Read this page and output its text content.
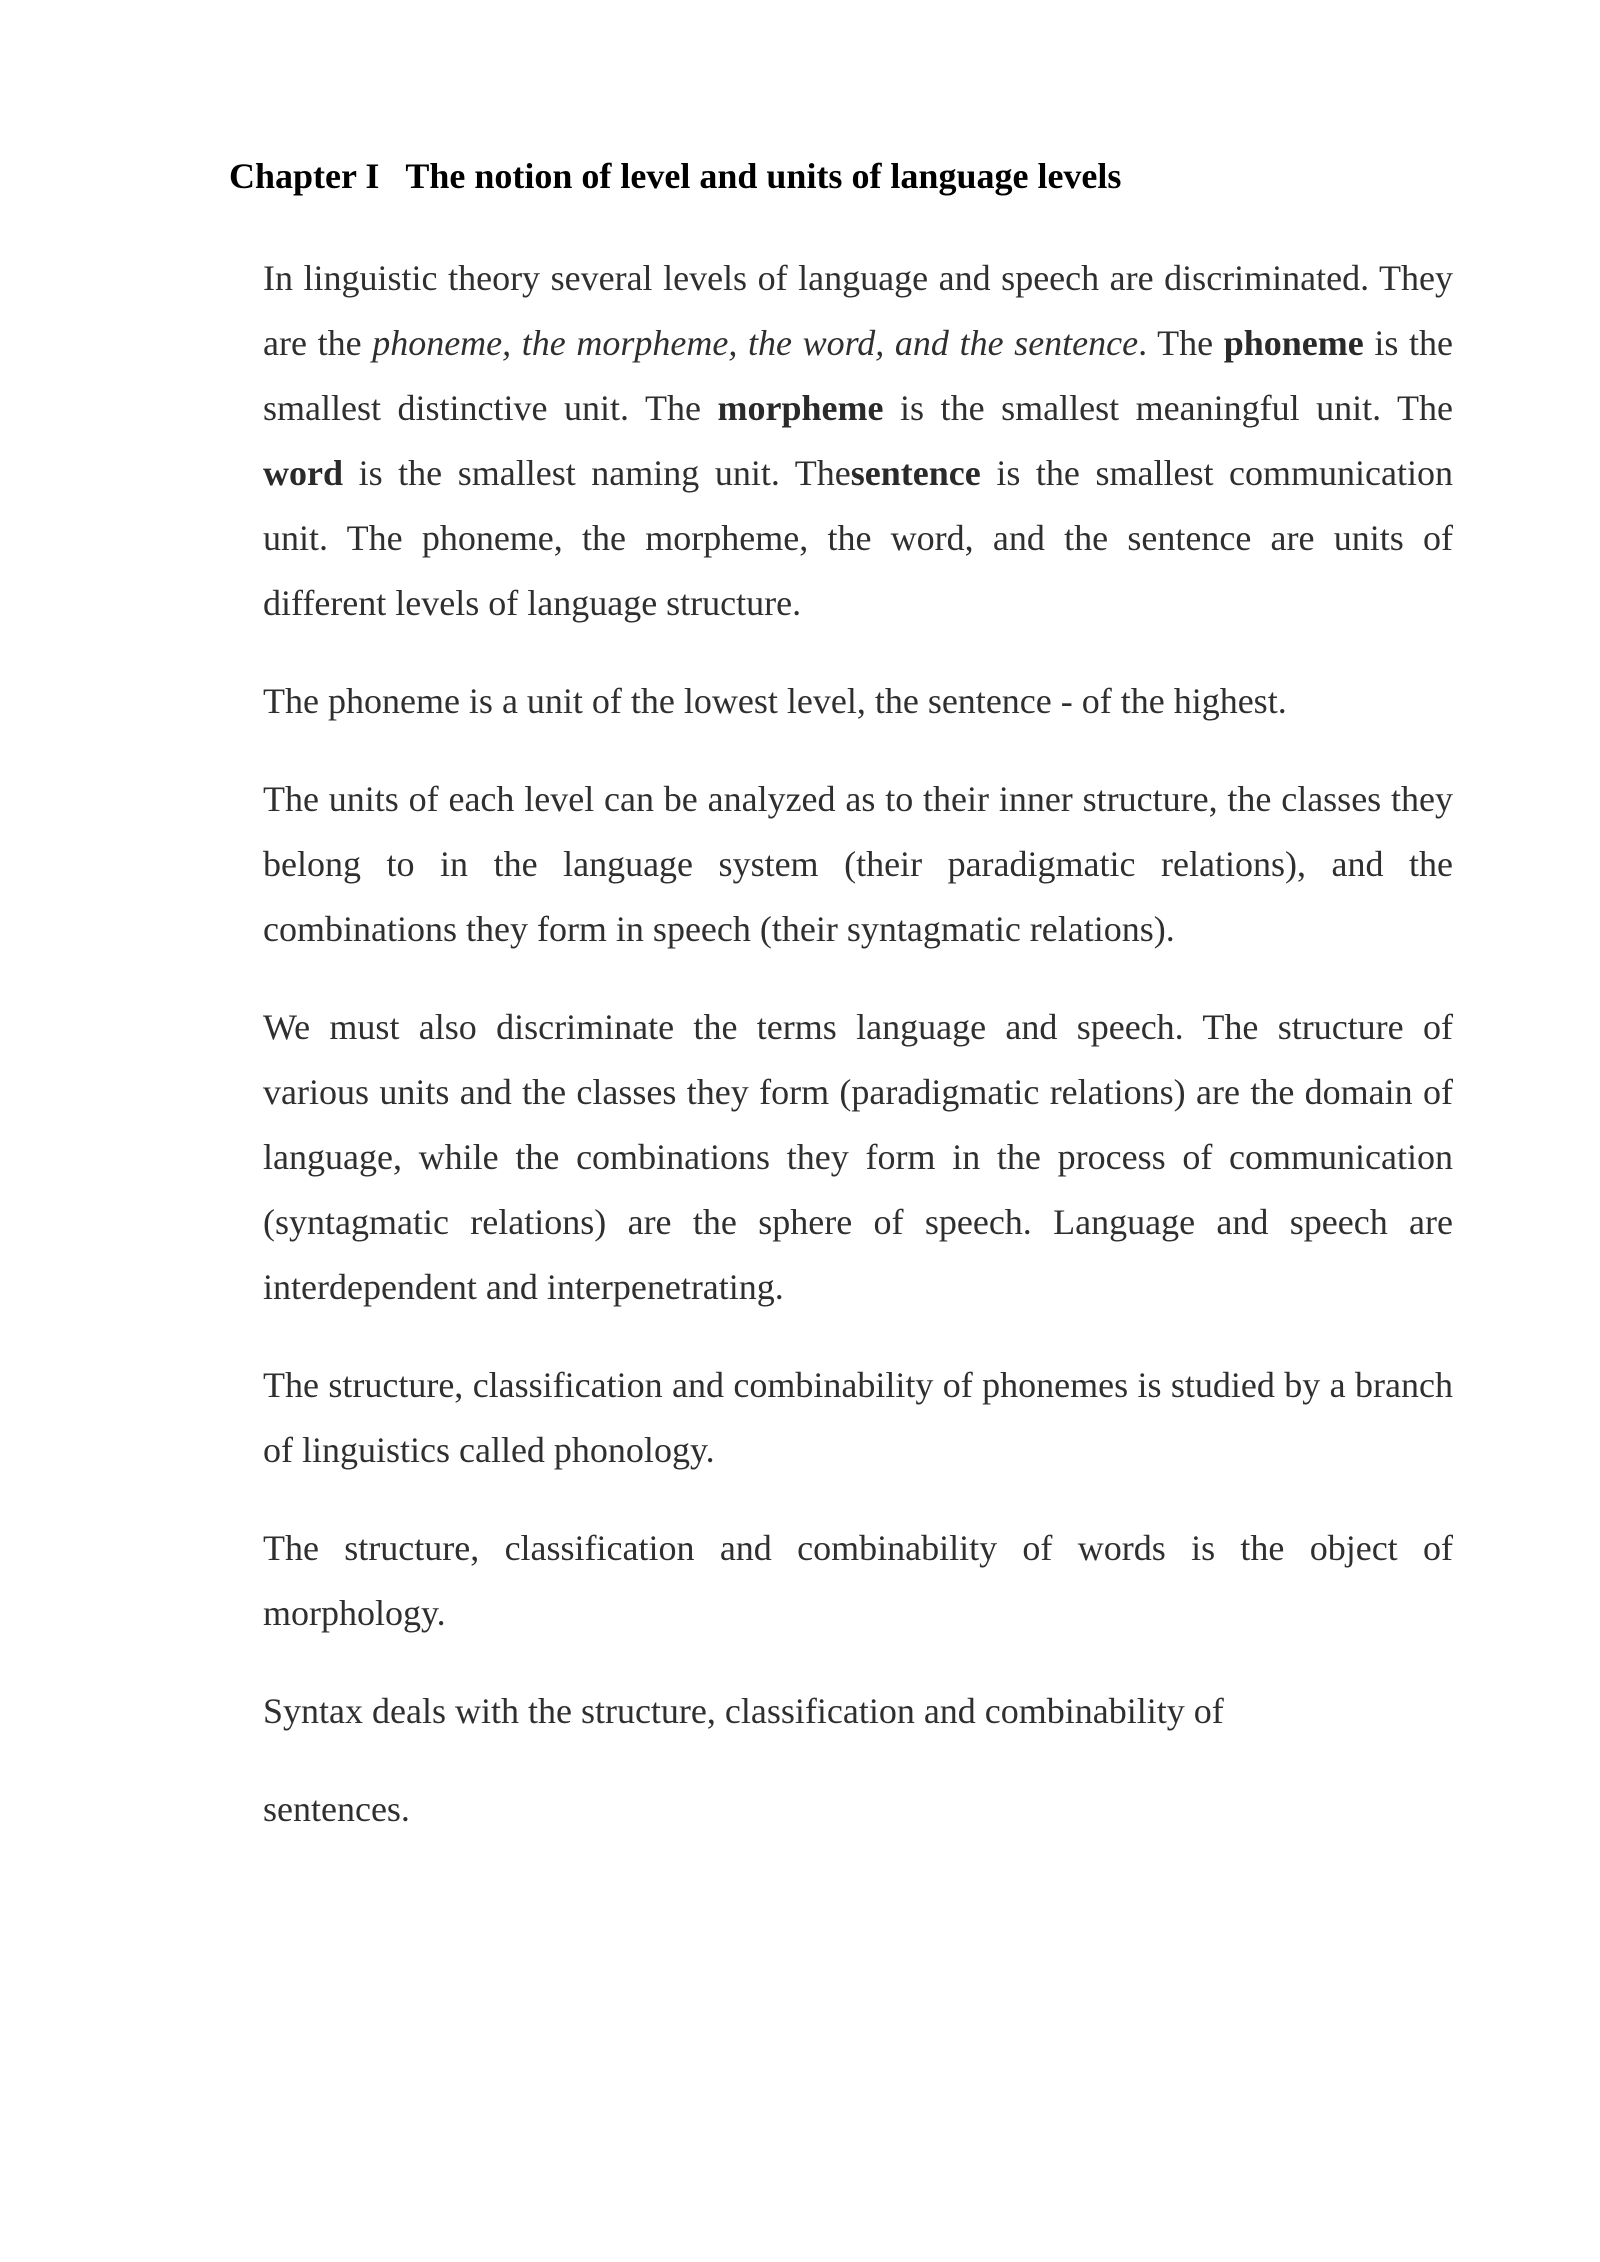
Chapter I The notion of level and units of language levels

In linguistic theory several levels of language and speech are discriminated. They are the phoneme, the morpheme, the word, and the sentence. The phoneme is the smallest distinctive unit. The morpheme is the smallest meaningful unit. The word is the smallest naming unit. Thesentence is the smallest communication unit. The phoneme, the morpheme, the word, and the sentence are units of different levels of language structure.

The phoneme is a unit of the lowest level, the sentence - of the highest.

The units of each level can be analyzed as to their inner structure, the classes they belong to in the language system (their paradigmatic relations), and the combinations they form in speech (their syntagmatic relations).

We must also discriminate the terms language and speech. The structure of various units and the classes they form (paradigmatic relations) are the domain of language, while the combinations they form in the process of communication (syntagmatic relations) are the sphere of speech. Language and speech are interdependent and interpenetrating.

The structure, classification and combinability of phonemes is studied by a branch of linguistics called phonology.

The structure, classification and combinability of words is the object of morphology.

Syntax deals with the structure, classification and combinability of

sentences.
